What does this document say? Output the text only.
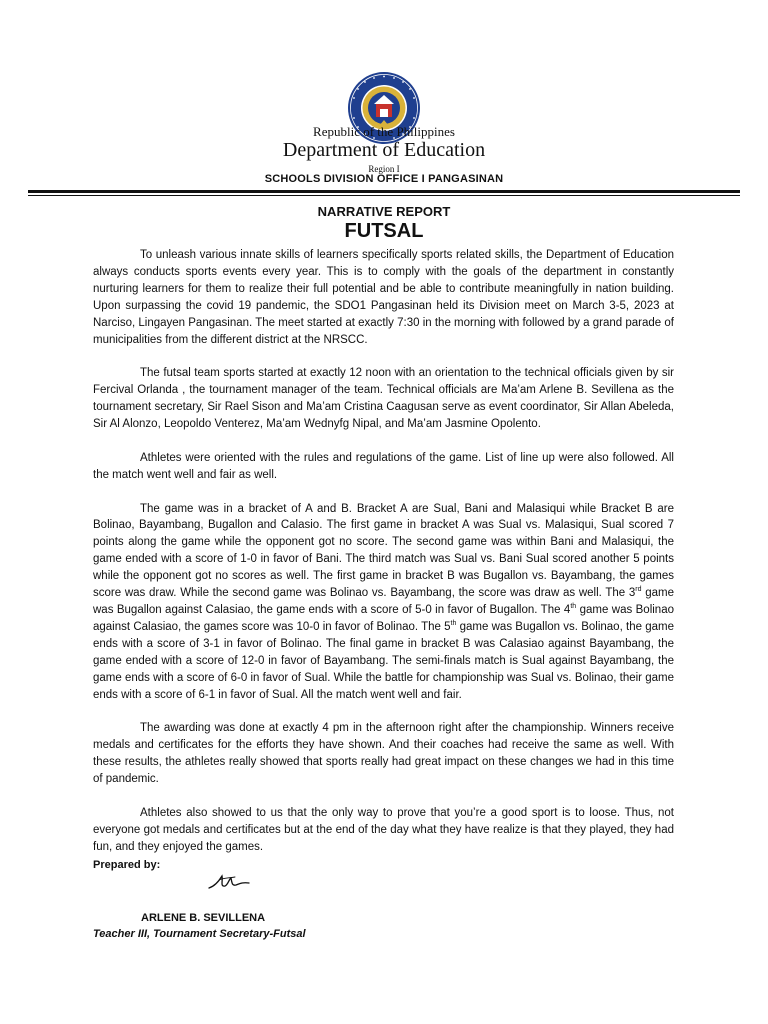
Republic of the Philippines
Department of Education
Region I
SCHOOLS DIVISION OFFICE I PANGASINAN
NARRATIVE REPORT
FUTSAL

To unleash various innate skills of learners specifically sports related skills, the Department of Education always conducts sports events every year. This is to comply with the goals of the department in constantly nurturing learners for them to realize their full potential and be able to contribute meaningfully in nation building. Upon surpassing the covid 19 pandemic, the SDO1 Pangasinan held its Division meet on March 3-5, 2023 at Narciso, Lingayen Pangasinan. The meet started at exactly 7:30 in the morning with followed by a grand parade of municipalities from the different district at the NRSCC.

The futsal team sports started at exactly 12 noon with an orientation to the technical officials given by sir Fercival Orlanda , the tournament manager of the team. Technical officials are Ma’am Arlene B. Sevillena as the tournament secretary, Sir Rael Sison and Ma’am Cristina Caagusan serve as event coordinator, Sir Allan Abeleda, Sir Al Alonzo, Leopoldo Venterez, Ma’am Wednyfg Nipal, and Ma’am Jasmine Opolento.

Athletes were oriented with the rules and regulations of the game. List of line up were also followed. All the match went well and fair as well.

The game was in a bracket of A and B. Bracket A are Sual, Bani and Malasiqui while Bracket B are Bolinao, Bayambang, Bugallon and Calasio. The first game in bracket A was Sual vs. Malasiqui, Sual scored 7 points along the game while the opponent got no score. The second game was within Bani and Malasiqui, the game ended with a score of 1-0 in favor of Bani. The third match was Sual vs. Bani Sual scored another 5 points while the opponent got no scores as well. The first game in bracket B was Bugallon vs. Bayambang, the games score was draw. While the second game was Bolinao vs. Bayambang, the score was draw as well. The 3rd game was Bugallon against Calasiao, the game ends with a score of 5-0 in favor of Bugallon. The 4th game was Bolinao against Calasiao, the games score was 10-0 in favor of Bolinao. The 5th game was Bugallon vs. Bolinao, the game ends with a score of 3-1 in favor of Bolinao. The final game in bracket B was Calasiao against Bayambang, the game ended with a score of 12-0 in favor of Bayambang. The semi-finals match is Sual against Bayambang, the game ends with a score of 6-0 in favor of Sual. While the battle for championship was Sual vs. Bolinao, their game ends with a score of 6-1 in favor of Sual. All the match went well and fair.

The awarding was done at exactly 4 pm in the afternoon right after the championship. Winners receive medals and certificates for the efforts they have shown. And their coaches had receive the same as well. With these results, the athletes really showed that sports really had great impact on these changes we had in this time of pandemic.

Athletes also showed to us that the only way to prove that you’re a good sport is to loose. Thus, not everyone got medals and certificates but at the end of the day what they have realize is that they played, they had fun, and they enjoyed the games.

Prepared by:
ARLENE B. SEVILLENA
Teacher III, Tournament Secretary-Futsal
